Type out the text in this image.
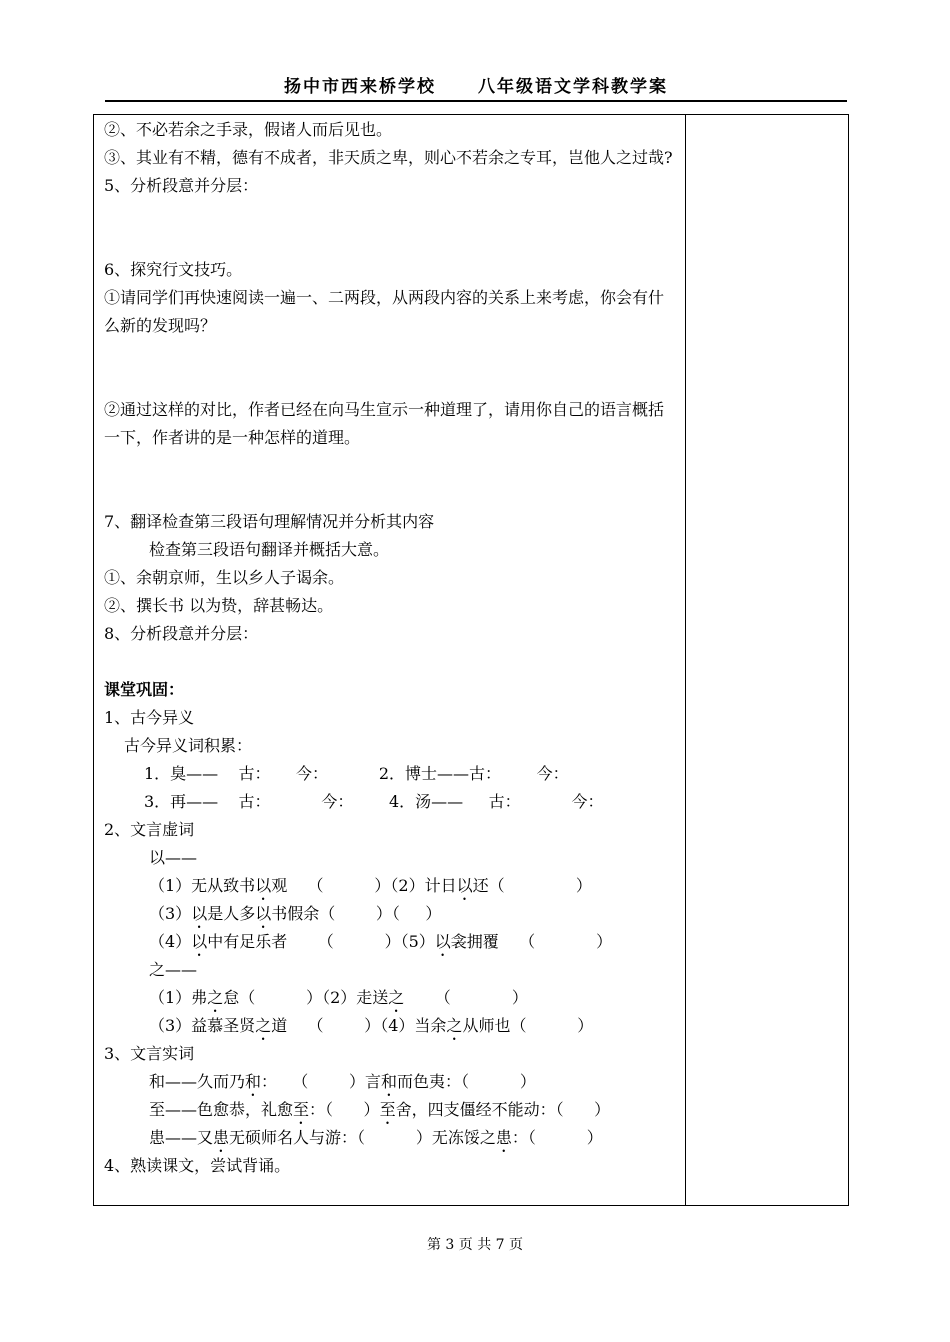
扬中市西来桥学校 八年级语文学科教学案
②、不必若余之手录，假诸人而后见也。
③、其业有不精，德有不成者，非天质之卑，则心不若余之专耳，岂他人之过哉?
5、分析段意并分层：
6、探究行文技巧。
①请同学们再快速阅读一遍一、二两段，从两段内容的关系上来考虑，你会有什么新的发现吗？
②通过这样的对比，作者已经在向马生宣示一种道理了，请用你自己的语言概括一下，作者讲的是一种怎样的道理。
7、翻译检查第三段语句理解情况并分析其内容
检查第三段语句翻译并概括大意。
①、余朝京师，生以乡人子谒余。
②、撰长书 以为贽，辞甚畅达。
8、分析段意并分层：
课堂巩固：
1、古今异义
古今异义词积累：
1．臭——    古：     今：          2．博士——古：       今：
3．再——    古：          今：       4．汤——     古：          今：
2、文言虚词
以——
（1）无从致书以观    （          ）（2）计日以还（              ）
（3）以是人多以书假余（        ）（     ）
（4）以中有足乐者      （          ）（5）以衾拥覆    （            ）
之——
（1）弗之怠（          ）（2）走送之      （            ）
（3）益慕圣贤之道    （        ）（4）当余之从师也（          ）
3、文言实词
和——久而乃和：   （        ）言和而色夷：（          ）
至——色愈恭，礼愈至：（      ）至舍，四支僵经不能动：（      ）
患——又患无硕师名人与游：（          ）无冻馁之患：（          ）
4、熟读课文，尝试背诵。
第 3 页 共 7 页
